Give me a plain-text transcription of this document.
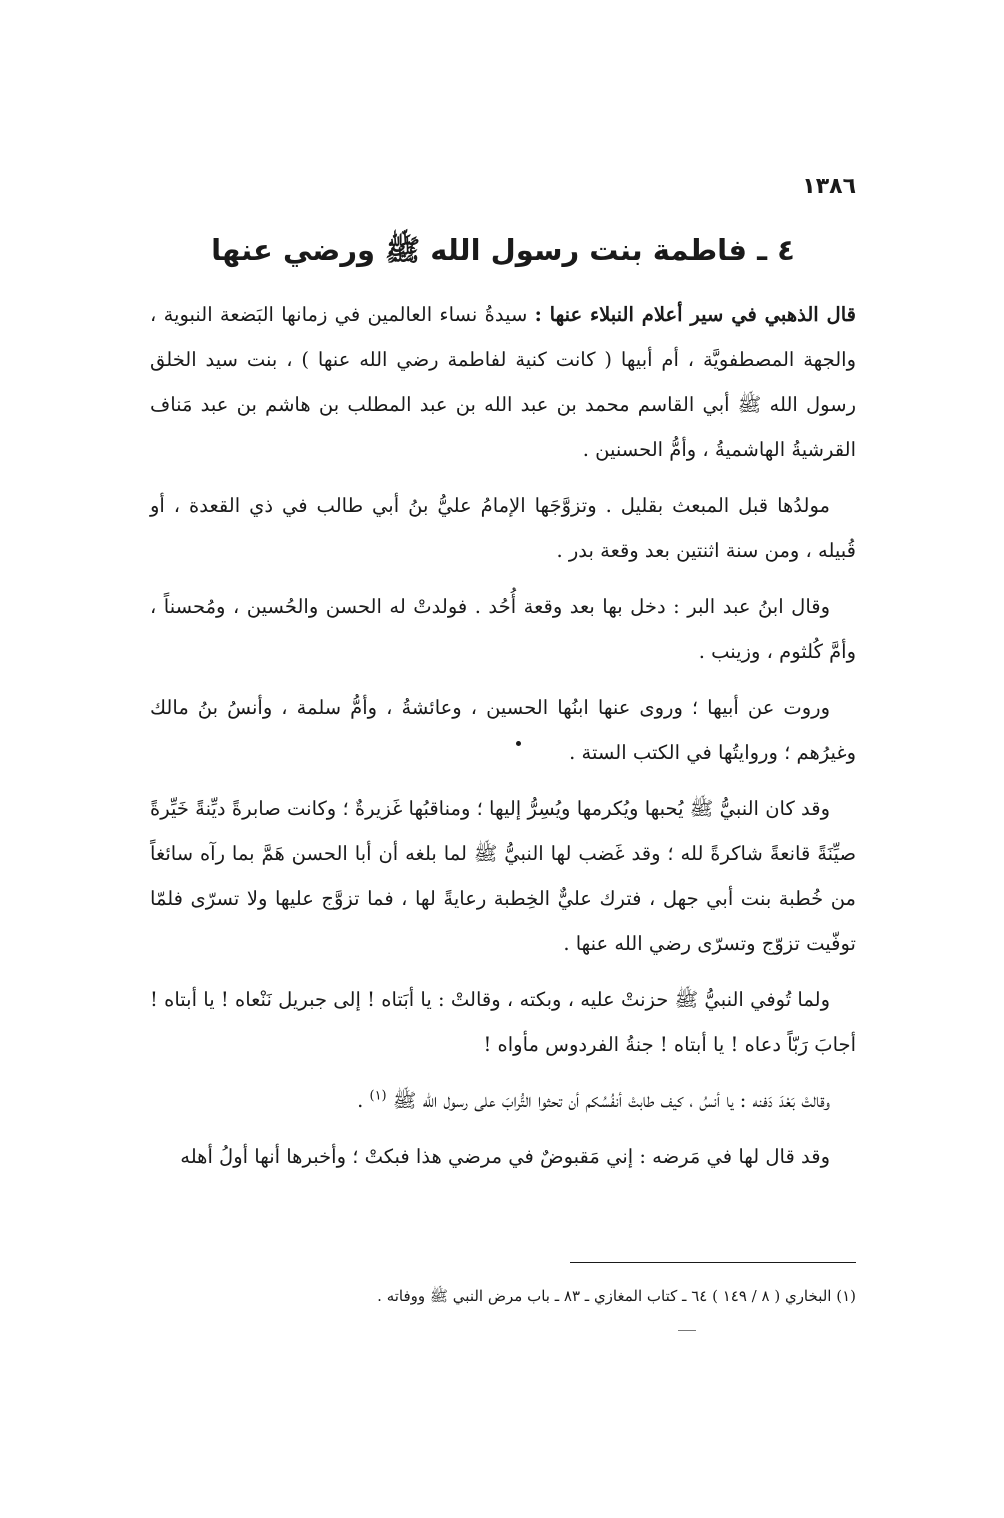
١٣٨٦
٤ ـ فاطمة بنت رسول الله ﷺ ورضي عنها

قال الذهبي في سير أعلام النبلاء عنها : سيدةُ نساء العالمين في زمانها البَضعة النبوية ، والجهة المصطفويَّة ، أم أبيها ( كانت كنية لفاطمة رضي الله عنها ) ، بنت سيد الخلق رسول الله ﷺ أبي القاسم محمد بن عبد الله بن عبد المطلب بن هاشم بن عبد مَناف القرشيةُ الهاشميةُ ، وأمُّ الحسنين .

مولدُها قبل المبعث بقليل . وتزوَّجَها الإمامُ عليُّ بنُ أبي طالب في ذي القعدة ، أو قُبيله ، ومن سنة اثنتين بعد وقعة بدر .

وقال ابنُ عبد البر : دخل بها بعد وقعة أُحُد . فولدتْ له الحسن والحُسين ، ومُحسناً ، وأمَّ كُلثوم ، وزينب .

وروت عن أبيها ؛ وروى عنها ابنُها الحسين ، وعائشةُ ، وأمُّ سلمة ، وأنسُ بنُ مالك وغيرُهم ؛ وروايتُها في الكتب الستة .

وقد كان النبيُّ ﷺ يُحبها ويُكرمها ويُسِرُّ إليها ؛ ومناقبُها غَزيرةٌ ؛ وكانت صابرةً ديِّنةً خَيِّرةً صيِّنَةً قانعةً شاكرةً لله ؛ وقد غَضب لها النبيُّ ﷺ لما بلغه أن أبا الحسن هَمَّ بما رآه سائغاً من خُطبة بنت أبي جهل ، فترك عليٌّ الخِطبة رعايةً لها ، فما تزوَّج عليها ولا تسرّى فلمّا توفّيت تزوّج وتسرّى رضي الله عنها .

ولما تُوفي النبيُّ ﷺ حزنتْ عليه ، وبكته ، وقالتْ : يا أبَتاه ! إلى جبريل نَنْعاه ! يا أبتاه ! أجابَ رَبّاً دعاه ! يا أبتاه ! جنةُ الفردوس مأواه !

وقالتْ بَعْدَ دَفنه : يا أنسُ ، كيف طابتْ أنفُسُكم أن تحثوا التُّرابَ على رسول الله ﷺ $^{(١)}$ .

وقد قال لها في مَرضه : إني مَقبوضٌ في مرضي هذا فبكتْ ؛ وأخبرها أنها أولُ أهله

(١) البخاري ( ٨ / ١٤٩ ) ٦٤ ـ كتاب المغازي ـ ٨٣ ـ باب مرض النبي ﷺ ووفاته .
